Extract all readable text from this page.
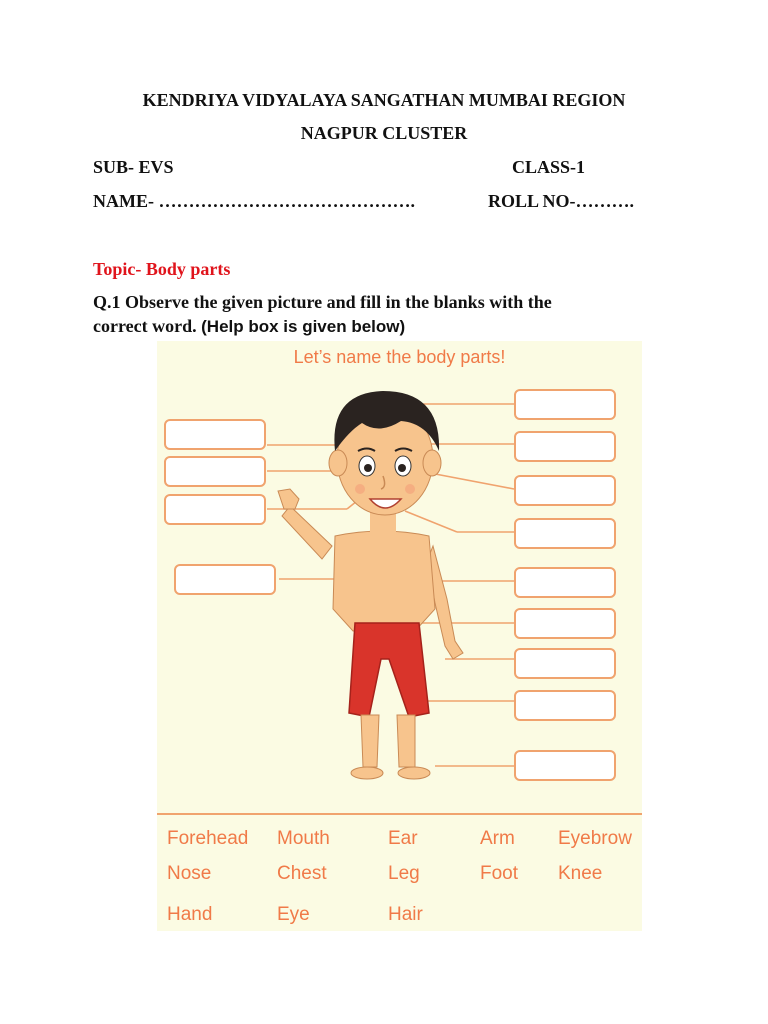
KENDRIYA VIDYALAYA SANGATHAN MUMBAI REGION
NAGPUR CLUSTER
SUB- EVS	CLASS-1
NAME- …………………………………….	ROLL NO-……….
Topic- Body parts
Q.1 Observe the given picture and fill in the blanks with the
correct word. (Help box is given below)
Let’s name the body parts!
Forehead Mouth	Ear	Arm Eyebrow
Nose	Chest	Leg	Foot Knee
Hand	Eye	Hair
